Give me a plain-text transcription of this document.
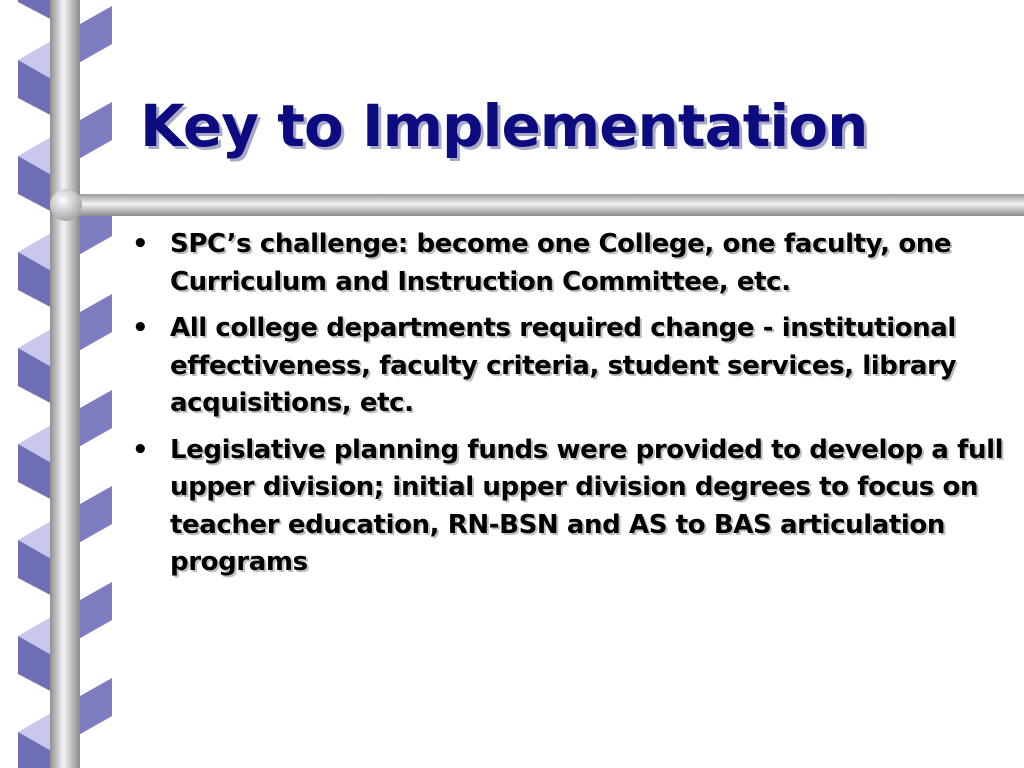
Key to Implementation
• SPC’s challenge: become one College, one faculty, one Curriculum and Instruction Committee, etc.
• All college departments required change - institutional effectiveness, faculty criteria, student services, library acquisitions, etc.
• Legislative planning funds were provided to develop a full upper division; initial upper division degrees to focus on teacher education, RN-BSN and AS to BAS articulation programs
